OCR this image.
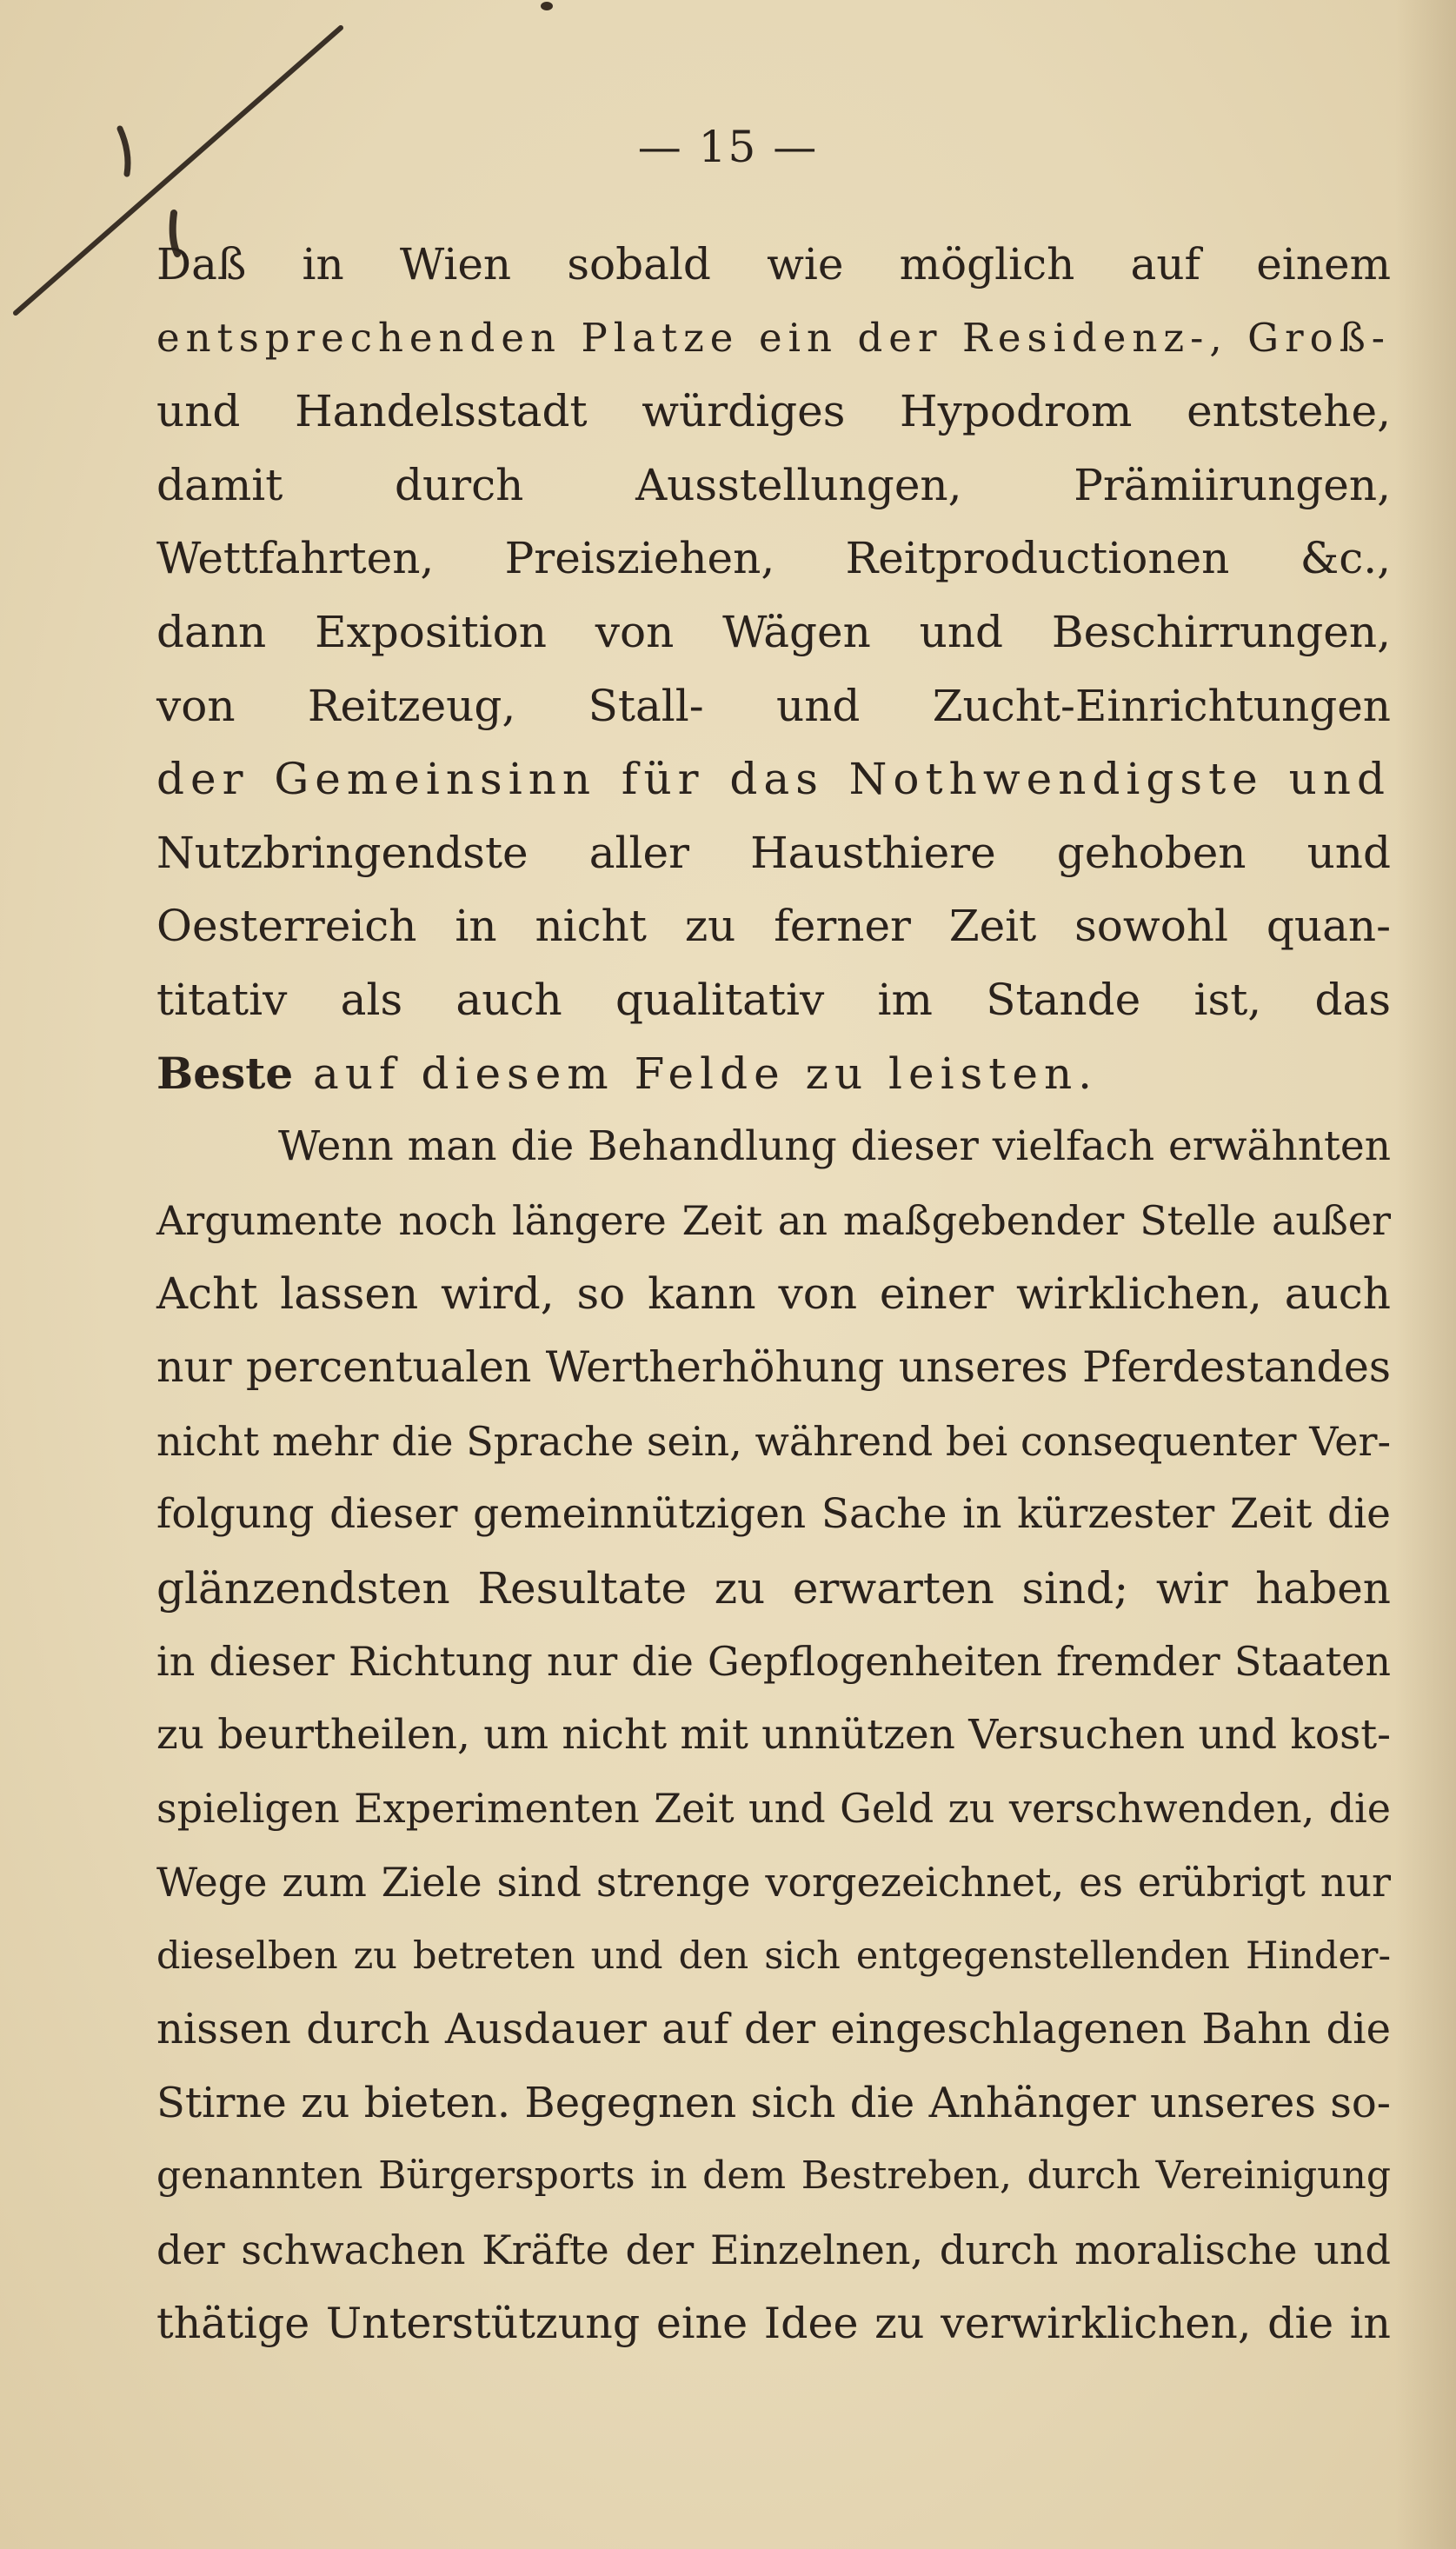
— 15 —
Daß in Wien sobald wie möglich auf einem
entsprechenden Platze ein der Residenz-, Groß-
und Handelsstadt würdiges Hypodrom entstehe,
damit durch Ausstellungen, Prämiirungen,
Wettfahrten, Preisziehen, Reitproductionen &c.,
dann Exposition von Wägen und Beschirrungen,
von Reitzeug, Stall- und Zucht-Einrichtungen
der Gemeinsinn für das Nothwendigste und
Nutzbringendste aller Hausthiere gehoben und
Oesterreich in nicht zu ferner Zeit sowohl quan-
titativ als auch qualitativ im Stande ist, das
Beste auf diesem Felde zu leisten.
Wenn man die Behandlung dieser vielfach erwähnten
Argumente noch längere Zeit an maßgebender Stelle außer
Acht lassen wird, so kann von einer wirklichen, auch
nur percentualen Wertherhöhung unseres Pferdestandes
nicht mehr die Sprache sein, während bei consequenter Ver-
folgung dieser gemeinnützigen Sache in kürzester Zeit die
glänzendsten Resultate zu erwarten sind; wir haben
in dieser Richtung nur die Gepflogenheiten fremder Staaten
zu beurtheilen, um nicht mit unnützen Versuchen und kost-
spieligen Experimenten Zeit und Geld zu verschwenden, die
Wege zum Ziele sind strenge vorgezeichnet, es erübrigt nur
dieselben zu betreten und den sich entgegenstellenden Hinder-
nissen durch Ausdauer auf der eingeschlagenen Bahn die
Stirne zu bieten. Begegnen sich die Anhänger unseres so-
genannten Bürgersports in dem Bestreben, durch Vereinigung
der schwachen Kräfte der Einzelnen, durch moralische und
thätige Unterstützung eine Idee zu verwirklichen, die in
